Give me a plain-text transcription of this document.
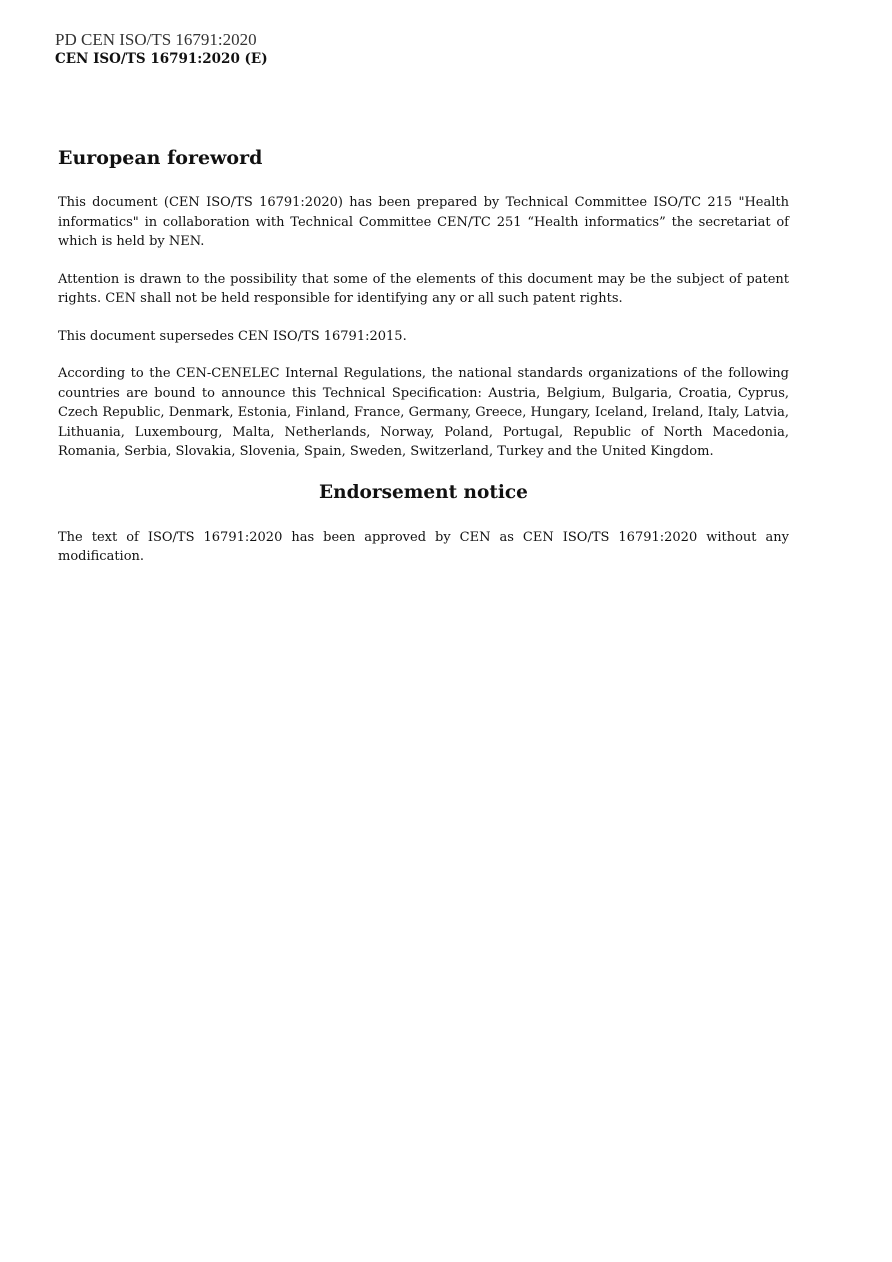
PD CEN ISO/TS 16791:2020
CEN ISO/TS 16791:2020 (E)
European foreword

This document (CEN ISO/TS 16791:2020) has been prepared by Technical Committee ISO/TC 215 "Health informatics" in collaboration with Technical Committee CEN/TC 251 “Health informatics” the secretariat of which is held by NEN.

Attention is drawn to the possibility that some of the elements of this document may be the subject of patent rights. CEN shall not be held responsible for identifying any or all such patent rights.

This document supersedes CEN ISO/TS 16791:2015.

According to the CEN-CENELEC Internal Regulations, the national standards organizations of the following countries are bound to announce this Technical Specification: Austria, Belgium, Bulgaria, Croatia, Cyprus, Czech Republic, Denmark, Estonia, Finland, France, Germany, Greece, Hungary, Iceland, Ireland, Italy, Latvia, Lithuania, Luxembourg, Malta, Netherlands, Norway, Poland, Portugal, Republic of North Macedonia, Romania, Serbia, Slovakia, Slovenia, Spain, Sweden, Switzerland, Turkey and the United Kingdom.

Endorsement notice

The text of ISO/TS 16791:2020 has been approved by CEN as CEN ISO/TS 16791:2020 without any modification.
